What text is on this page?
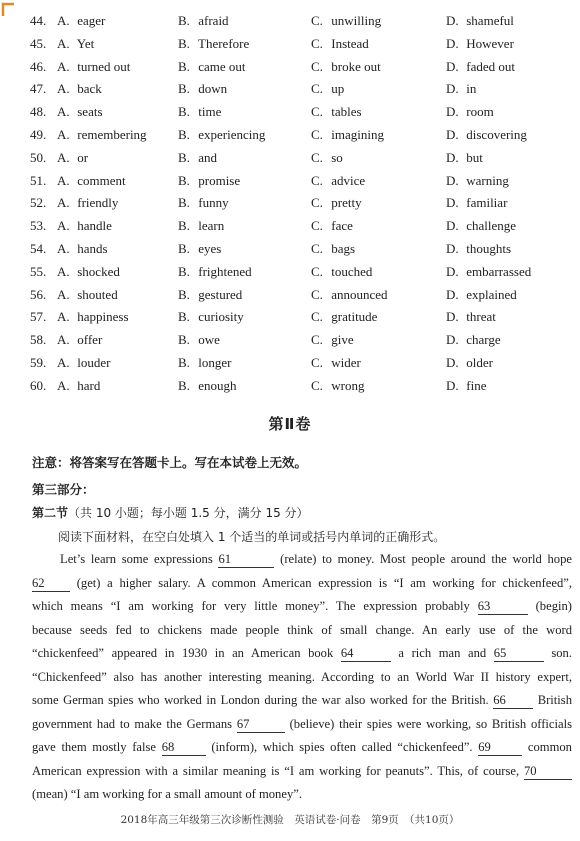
44. A. eager	B. afraid	C. unwilling	D. shameful
45. A. Yet	B. Therefore	C. Instead	D. However
46. A. turned out	B. came out	C. broke out	D. faded out
47. A. back	B. down	C. up	D. in
48. A. seats	B. time	C. tables	D. room
49. A. remembering B. experiencing	C. imagining	D. discovering
50. A. or	B. and	C. so	D. but
51. A. comment	B. promise	C. advice	D. warning
52. A. friendly	B. funny	C. pretty	D. familiar
53. A. handle	B. learn	C. face	D. challenge
54. A. hands	B. eyes	C. bags	D. thoughts
55. A. shocked	B. frightened	C. touched	D. embarrassed
56. A. shouted	B. gestured	C. announced	D. explained
57. A. happiness	B. curiosity	C. gratitude	D. threat
58. A. offer	B. owe	C. give	D. charge
59. A. louder	B. longer	C. wider	D. older
60. A. hard	B. enough	C. wrong	D. fine
第Ⅱ卷
注意：将答案写在答题卡上。写在本试卷上无效。
第三部分：
第二节（共 10 小题；每小题 1.5 分，满分 15 分）
阅读下面材料，在空白处填入 1 个适当的单词或括号内单词的正确形式。
Let’s learn some expressions 61	(relate) to money. Most people around the world hope
62	(get) a higher salary. A common American expression is “I am working for chickenfeed”,
which means “I am working for very little money”. The expression probably 63	(begin)
because seeds fed to chickens made people think of small change. An early use of the word
“chickenfeed” appeared in 1930 in an American book 64	a rich man and 65	son.
“Chickenfeed” also has another interesting meaning. According to an World War II history expert,
some German spies who worked in London during the war also worked for the British. 66	British
government had to make the Germans 67	(believe) their spies were working, so British officials
gave them mostly false 68	(inform), which spies often called “chickenfeed”. 69	common
American expression with a similar meaning is “I am working for peanuts”. This, of course, 70
(mean) “I am working for a small amount of money”.
2018年高三年级第三次诊断性测验　英语试卷·问卷　第9页　（共10页）
